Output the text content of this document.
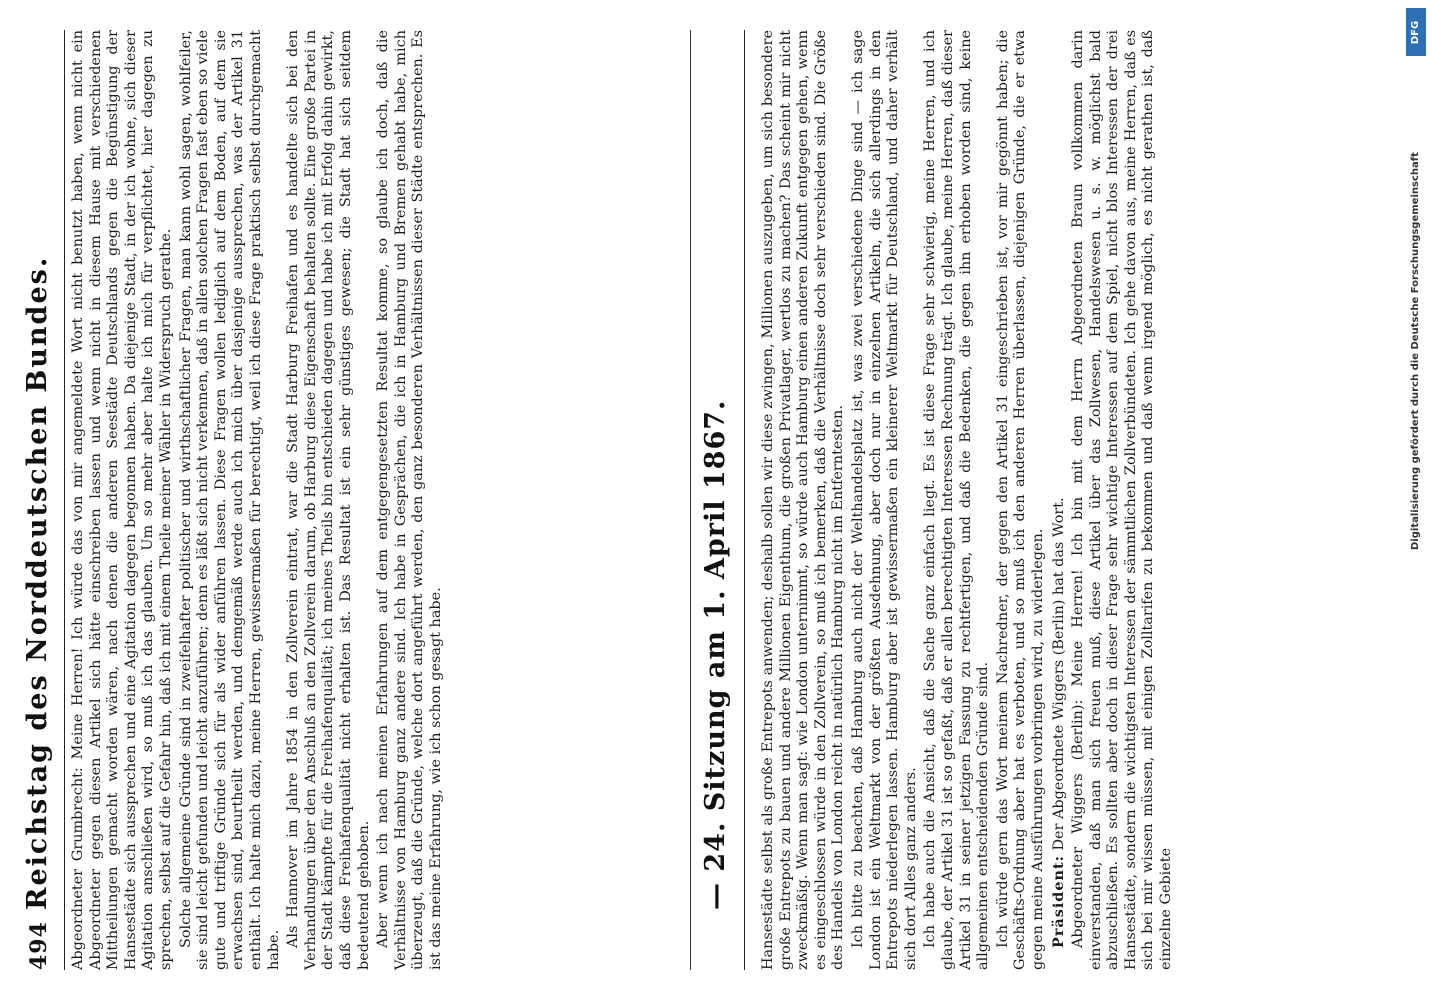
494
Reichstag des Norddeutschen Bundes. Abgeordneter Grumbrecht: Meine Herren! Ich würde das von mir angemeldete Wort nicht benutzt haben, wenn nicht ein Abgeordneter gegen diesen Artikel sich hätte einschreiben lassen und wenn nicht in diesem Hause mit verschiedenen Mittheilungen gemacht worden wären, nach denen die anderen Seestädte Deutschlands gegen die Begünstigung der Hansestädte sich aussprechen und eine Agitation dagegen begonnen haben. Da diejenige Stadt, in der ich wohne, sich dieser Agitation anschließen wird, so muß ich das glauben. Um so mehr aber halte ich mich für verpflichtet, hier dagegen zu sprechen, selbst auf die Gefahr hin, daß ich mit einem Theile meiner Wähler in Widerspruch gerathe. Solche allgemeine Gründe sind in zweifelhafter politischer und wirthschaftlicher Fragen, man kann wohl sagen, wohlfeiler, sie sind leicht gefunden und leicht anzuführen; denn es läßt sich nicht verkennen, daß in allen solchen Fragen fast eben so viele gute und triftige Gründe sich für als wider anführen lassen. Diese Fragen wollen lediglich auf dem Boden, auf dem sie erwachsen sind, beurtheilt werden, und demgemäß werde auch ich mich über dasjenige aussprechen, was der Artikel 31 enthält. Ich halte mich dazu, meine Herren, gewissermaßen für berechtigt, weil ich diese Frage praktisch selbst durchgemacht habe.

Als Hannover im Jahre 1854 in den Zollverein eintrat, war die Stadt Harburg Freihafen und es handelte sich bei den Verhandlungen über den Anschluß an den Zollverein darum, ob Harburg diese Eigenschaft behalten sollte. Eine große Partei in der Stadt kämpfte für die Freihafenqualität; ich meines Theils bin entschieden dagegen und habe ich mit Erfolg dahin gewirkt, daß diese Freihafenqualität nicht erhalten ist. Das Resultat ist ein sehr günstiges gewesen; die Stadt hat sich seitdem bedeutend gehoben. Aber wenn ich nach meinen Erfahrungen auf dem entgegengesetzten Resultat komme, so glaube ich doch, daß die Verhältnisse von Hamburg ganz andere sind. Ich habe in Gesprächen, die ich in Hamburg und Bremen gehabt habe, mich überzeugt, daß die Gründe, welche dort angeführt werden, den ganz besonderen Verhältnissen dieser Städte entsprechen. Es ist das meine Erfahrung, wie ich schon gesagt habe.	— 24. Sitzung am 1. April 1867. Hansestädte selbst als große Entrepots anwenden; deshalb sollen wir diese zwingen, Millionen auszugeben, um sich besondere große Entrepots zu bauen und andere Millionen Eigenthum, die großen Privatlager, wertlos zu machen? Das scheint mir nicht zweckmäßig. Wenn man sagt: wie London unternimmt, so würde auch Hamburg einen anderen Zukunft entgegen gehen, wenn es eingeschlossen würde in den Zollverein, so muß ich bemerken, daß die Verhältnisse doch sehr verschieden sind. Die Größe des Handels von London reicht in natürlich Hamburg nicht im Entferntesten. Ich bitte zu beachten, daß Hamburg auch nicht der Welthandelsplatz ist, was zwei verschiedene Dinge sind — ich sage London ist ein Weltmarkt von der größten Ausdehnung, aber doch nur in einzelnen Artikeln, die sich allerdings in den Entrepots niederlegen lassen. Hamburg aber ist gewissermaßen ein kleinerer Weltmarkt für Deutschland, und daher verhält sich dort Alles ganz anders. Ich habe auch die Ansicht, daß die Sache ganz einfach liegt. Es ist diese Frage sehr schwierig, meine Herren, und ich glaube, der Artikel 31 ist so gefaßt, daß er allen berechtigten Interessen Rechnung trägt. Ich glaube, meine Herren, daß dieser Artikel 31 in seiner jetzigen Fassung zu rechtfertigen, und daß die Bedenken, die gegen ihn erhoben worden sind, keine allgemeinen entscheidenden Gründe sind. Ich würde gern das Wort meinem Nachredner, der gegen den Artikel 31 eingeschrieben ist, vor mir gegönnt haben; die Geschäfts-Ordnung aber hat es verboten, und so muß ich den anderen Herren überlassen, diejenigen Gründe, die er etwa gegen meine Ausführungen vorbringen wird, zu widerlegen. Präsident: Der Abgeordnete Wiggers (Berlin) hat das Wort. Abgeordneter Wiggers (Berlin): Meine Herren! Ich bin mit dem Herrn Abgeordneten Braun vollkommen darin einverstanden, daß man sich freuen muß, diese Artikel über das Zollwesen, Handelswesen u. s. w. möglichst bald abzuschließen. Es sollten aber doch in dieser Frage sehr wichtige Interessen auf dem Spiel, nicht blos Interessen der drei Hansestädte, sondern die wichtigsten Interessen der sämmtlichen Zollverbündeten. Ich gehe davon aus, meine Herren, daß es sich bei mir wissen müssen, mit einigen Zolltarifen zu bekommen und daß wenn irgend möglich, es nicht gerathen ist, daß einzelne Gebiete

DFG
Digitalisierung gefördert durch die Deutsche Forschungsgemeinschaft
